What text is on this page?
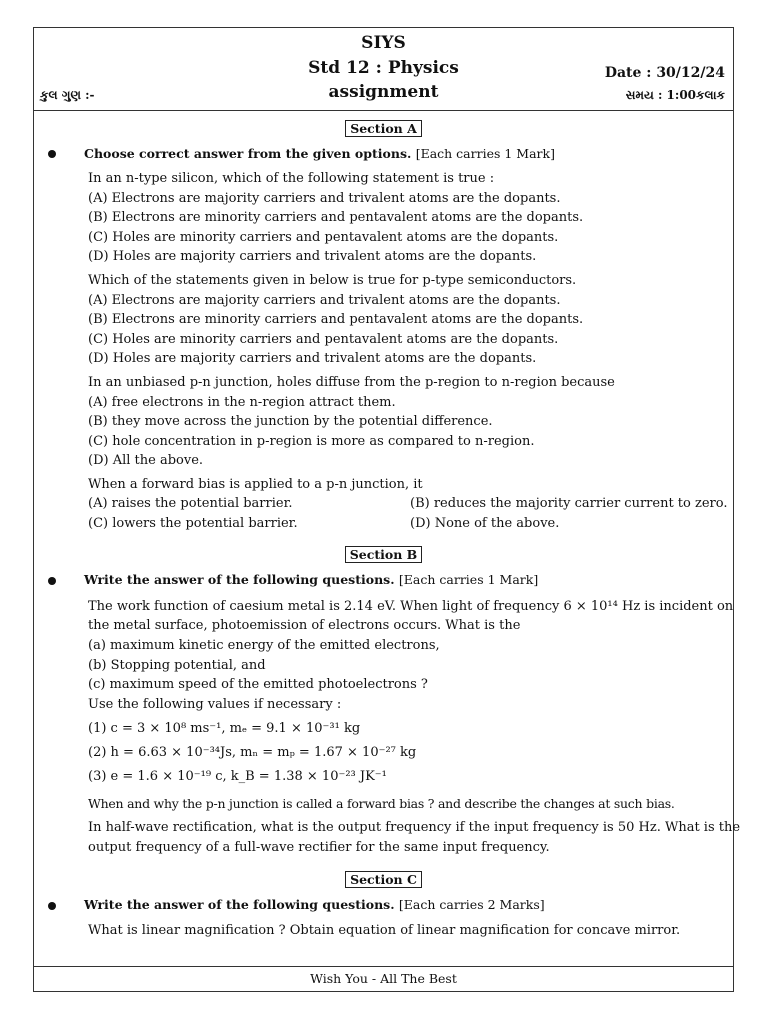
SIYS
Std 12 : Physics
assignment
કુલ ગુણ :-
Date : 30/12/24
સમય : 1:00કલાક
Section A
Choose correct answer from the given options. [Each carries 1 Mark]
In an n-type silicon, which of the following statement is true :
(A) Electrons are majority carriers and trivalent atoms are the dopants.
(B) Electrons are minority carriers and pentavalent atoms are the dopants.
(C) Holes are minority carriers and pentavalent atoms are the dopants.
(D) Holes are majority carriers and trivalent atoms are the dopants.
Which of the statements given in below is true for p-type semiconductors.
(A) Electrons are majority carriers and trivalent atoms are the dopants.
(B) Electrons are minority carriers and pentavalent atoms are the dopants.
(C) Holes are minority carriers and pentavalent atoms are the dopants.
(D) Holes are majority carriers and trivalent atoms are the dopants.
In an unbiased p-n junction, holes diffuse from the p-region to n-region because
(A) free electrons in the n-region attract them.
(B) they move across the junction by the potential difference.
(C) hole concentration in p-region is more as compared to n-region.
(D) All the above.
When a forward bias is applied to a p-n junction, it
(A) raises the potential barrier.	(B) reduces the majority carrier current to zero.
(C) lowers the potential barrier.	(D) None of the above.
Section B
Write the answer of the following questions. [Each carries 1 Mark]
The work function of caesium metal is 2.14 eV. When light of frequency 6 × 10¹⁴ Hz is incident on
the metal surface, photoemission of electrons occurs. What is the
(a) maximum kinetic energy of the emitted electrons,
(b) Stopping potential, and
(c) maximum speed of the emitted photoelectrons ?
Use the following values if necessary :
(1) c = 3 × 10⁸ ms⁻¹, mₑ = 9.1 × 10⁻³¹ kg
(2) h = 6.63 × 10⁻³⁴Js, mₙ = mₚ = 1.67 × 10⁻²⁷ kg
(3) e = 1.6 × 10⁻¹⁹ c, k_B = 1.38 × 10⁻²³ JK⁻¹
When and why the p-n junction is called a forward bias ? and describe the changes at such bias.
In half-wave rectification, what is the output frequency if the input frequency is 50 Hz. What is the
output frequency of a full-wave rectifier for the same input frequency.
Section C
Write the answer of the following questions. [Each carries 2 Marks]
What is linear magnification ? Obtain equation of linear magnification for concave mirror.
Wish You - All The Best
